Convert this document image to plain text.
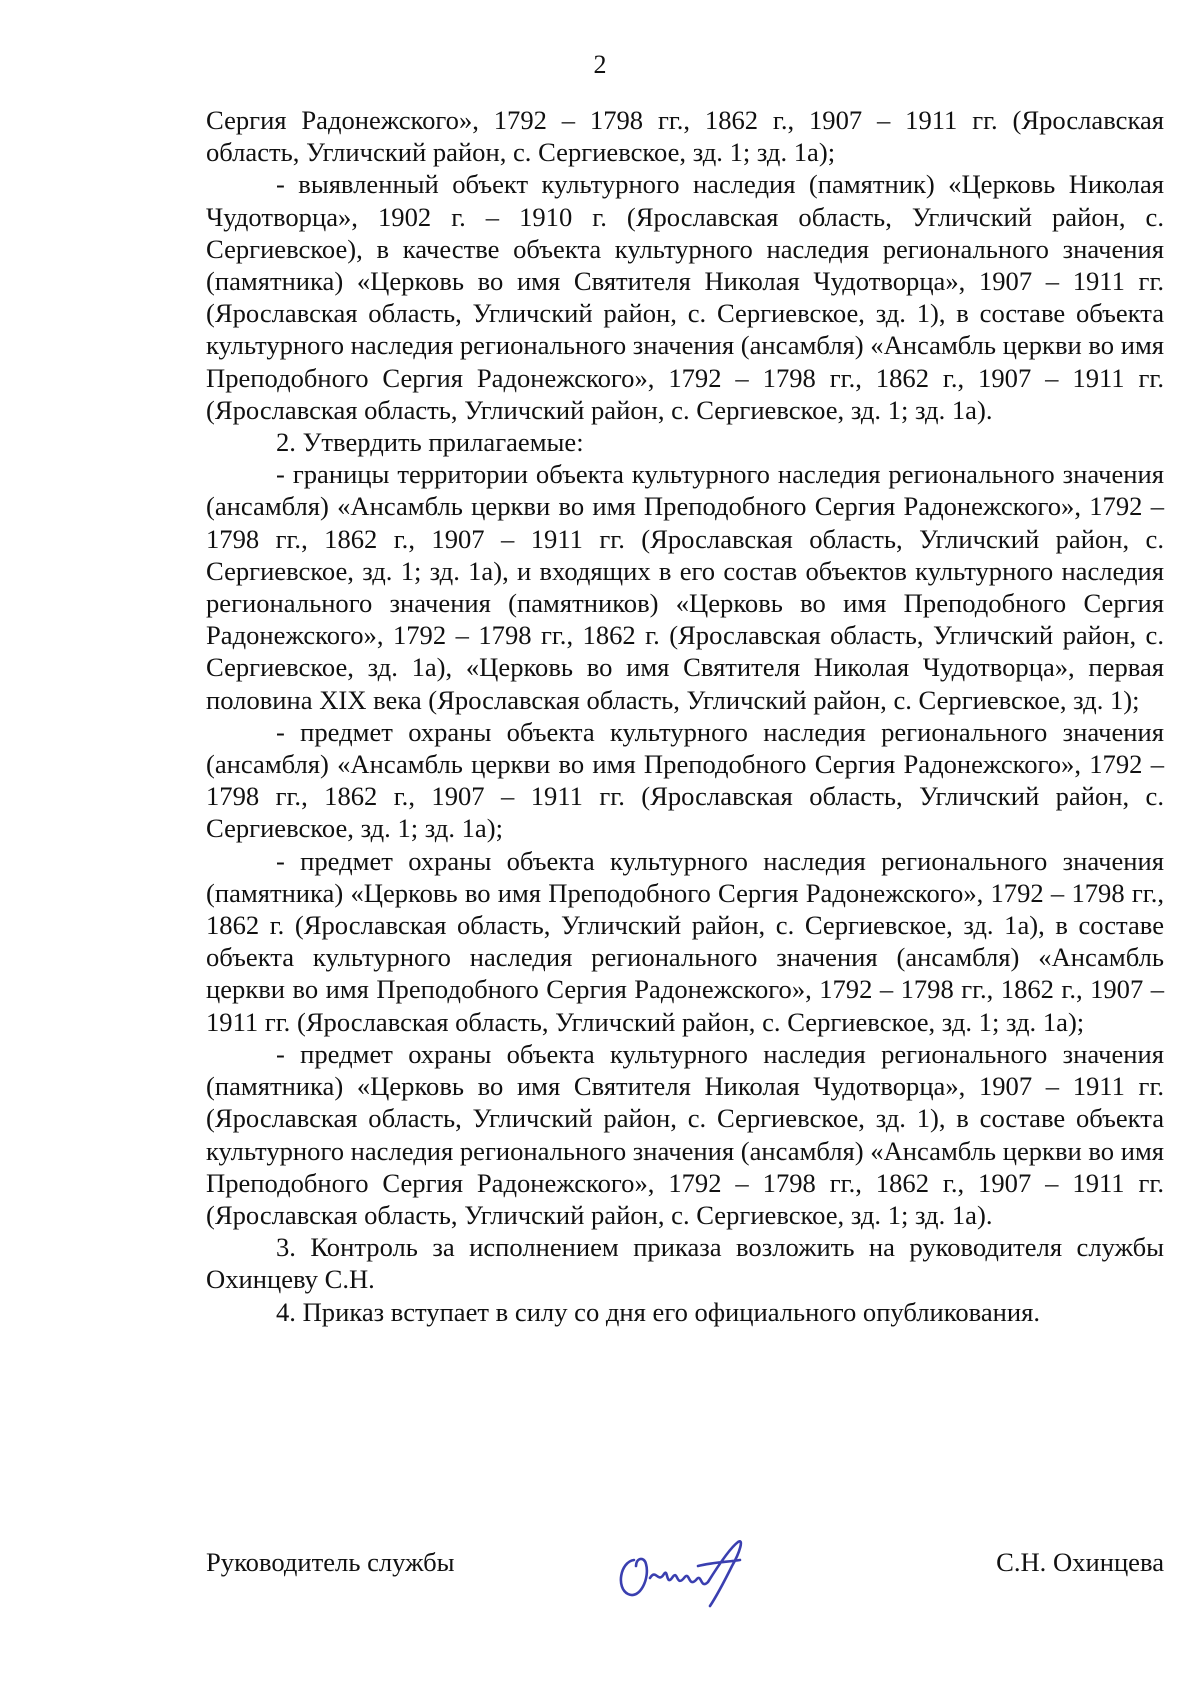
2

Сергия Радонежского», 1792 – 1798 гг., 1862 г., 1907 – 1911 гг. (Ярославская область, Угличский район, с. Сергиевское, зд. 1; зд. 1а);

- выявленный объект культурного наследия (памятник) «Церковь Николая Чудотворца», 1902 г. – 1910 г. (Ярославская область, Угличский район, с. Сергиевское), в качестве объекта культурного наследия регионального значения (памятника) «Церковь во имя Святителя Николая Чудотворца», 1907 – 1911 гг. (Ярославская область, Угличский район, с. Сергиевское, зд. 1), в составе объекта культурного наследия регионального значения (ансамбля) «Ансамбль церкви во имя Преподобного Сергия Радонежского», 1792 – 1798 гг., 1862 г., 1907 – 1911 гг. (Ярославская область, Угличский район, с. Сергиевское, зд. 1; зд. 1а).

2. Утвердить прилагаемые:

- границы территории объекта культурного наследия регионального значения (ансамбля) «Ансамбль церкви во имя Преподобного Сергия Радонежского», 1792 – 1798 гг., 1862 г., 1907 – 1911 гг. (Ярославская область, Угличский район, с. Сергиевское, зд. 1; зд. 1а), и входящих в его состав объектов культурного наследия регионального значения (памятников) «Церковь во имя Преподобного Сергия Радонежского», 1792 – 1798 гг., 1862 г. (Ярославская область, Угличский район, с. Сергиевское, зд. 1а), «Церковь во имя Святителя Николая Чудотворца», первая половина XIX века (Ярославская область, Угличский район, с. Сергиевское, зд. 1);

- предмет охраны объекта культурного наследия регионального значения (ансамбля) «Ансамбль церкви во имя Преподобного Сергия Радонежского», 1792 – 1798 гг., 1862 г., 1907 – 1911 гг. (Ярославская область, Угличский район, с. Сергиевское, зд. 1; зд. 1а);

- предмет охраны объекта культурного наследия регионального значения (памятника) «Церковь во имя Преподобного Сергия Радонежского», 1792 – 1798 гг., 1862 г. (Ярославская область, Угличский район, с. Сергиевское, зд. 1а), в составе объекта культурного наследия регионального значения (ансамбля) «Ансамбль церкви во имя Преподобного Сергия Радонежского», 1792 – 1798 гг., 1862 г., 1907 – 1911 гг. (Ярославская область, Угличский район, с. Сергиевское, зд. 1; зд. 1а);

- предмет охраны объекта культурного наследия регионального значения (памятника) «Церковь во имя Святителя Николая Чудотворца», 1907 – 1911 гг. (Ярославская область, Угличский район, с. Сергиевское, зд. 1), в составе объекта культурного наследия регионального значения (ансамбля) «Ансамбль церкви во имя Преподобного Сергия Радонежского», 1792 – 1798 гг., 1862 г., 1907 – 1911 гг. (Ярославская область, Угличский район, с. Сергиевское, зд. 1; зд. 1а).

3. Контроль за исполнением приказа возложить на руководителя службы Охинцеву С.Н.

4. Приказ вступает в силу со дня его официального опубликования.

Руководитель службы	С.Н. Охинцева
